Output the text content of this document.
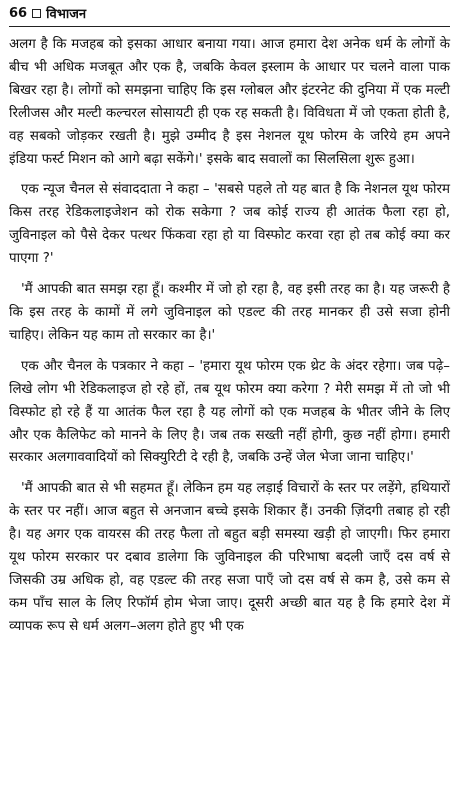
66 विभाजन

अलग है कि मजहब को इसका आधार बनाया गया। आज हमारा देश अनेक धर्म के लोगों के बीच भी अधिक मजबूत और एक है, जबकि केवल इस्लाम के आधार पर चलने वाला पाक बिखर रहा है। लोगों को समझना चाहिए कि इस ग्लोबल और इंटरनेट की दुनिया में एक मल्टी रिलीजस और मल्टी कल्चरल सोसायटी ही एक रह सकती है। विविधता में जो एकता होती है, वह सबको जोड़कर रखती है। मुझे उम्मीद है इस नेशनल यूथ फोरम के जरिये हम अपने इंडिया फर्स्ट मिशन को आगे बढ़ा सकेंगे।' इसके बाद सवालों का सिलसिला शुरू हुआ।

एक न्यूज चैनल से संवाददाता ने कहा – 'सबसे पहले तो यह बात है कि नेशनल यूथ फोरम किस तरह रेडिकलाइजेशन को रोक सकेगा ? जब कोई राज्य ही आतंक फैला रहा हो, जुविनाइल को पैसे देकर पत्थर फिंकवा रहा हो या विस्फोट करवा रहा हो तब कोई क्या कर पाएगा ?'

'मैं आपकी बात समझ रहा हूँ। कश्मीर में जो हो रहा है, वह इसी तरह का है। यह जरूरी है कि इस तरह के कामों में लगे जुविनाइल को एडल्ट की तरह मानकर ही उसे सजा होनी चाहिए। लेकिन यह काम तो सरकार का है।'

एक और चैनल के पत्रकार ने कहा – 'हमारा यूथ फोरम एक थ्रेट के अंदर रहेगा। जब पढ़े–लिखे लोग भी रेडिकलाइज हो रहे हों, तब यूथ फोरम क्या करेगा ? मेरी समझ में तो जो भी विस्फोट हो रहे हैं या आतंक फैल रहा है यह लोगों को एक मजहब के भीतर जीने के लिए और एक कैलिफेट को मानने के लिए है। जब तक सख्ती नहीं होगी, कुछ नहीं होगा। हमारी सरकार अलगाववादियों को सिक्युरिटी दे रही है, जबकि उन्हें जेल भेजा जाना चाहिए।'

'मैं आपकी बात से भी सहमत हूँ। लेकिन हम यह लड़ाई विचारों के स्तर पर लड़ेंगे, हथियारों के स्तर पर नहीं। आज बहुत से अनजान बच्चे इसके शिकार हैं। उनकी ज़िंदगी तबाह हो रही है। यह अगर एक वायरस की तरह फैला तो बहुत बड़ी समस्या खड़ी हो जाएगी। फिर हमारा यूथ फोरम सरकार पर दबाव डालेगा कि जुविनाइल की परिभाषा बदली जाएँ दस वर्ष से जिसकी उम्र अधिक हो, वह एडल्ट की तरह सजा पाएँ जो दस वर्ष से कम है, उसे कम से कम पाँच साल के लिए रिफॉर्म होम भेजा जाए। दूसरी अच्छी बात यह है कि हमारे देश में व्यापक रूप से धर्म अलग–अलग होते हुए भी एक
